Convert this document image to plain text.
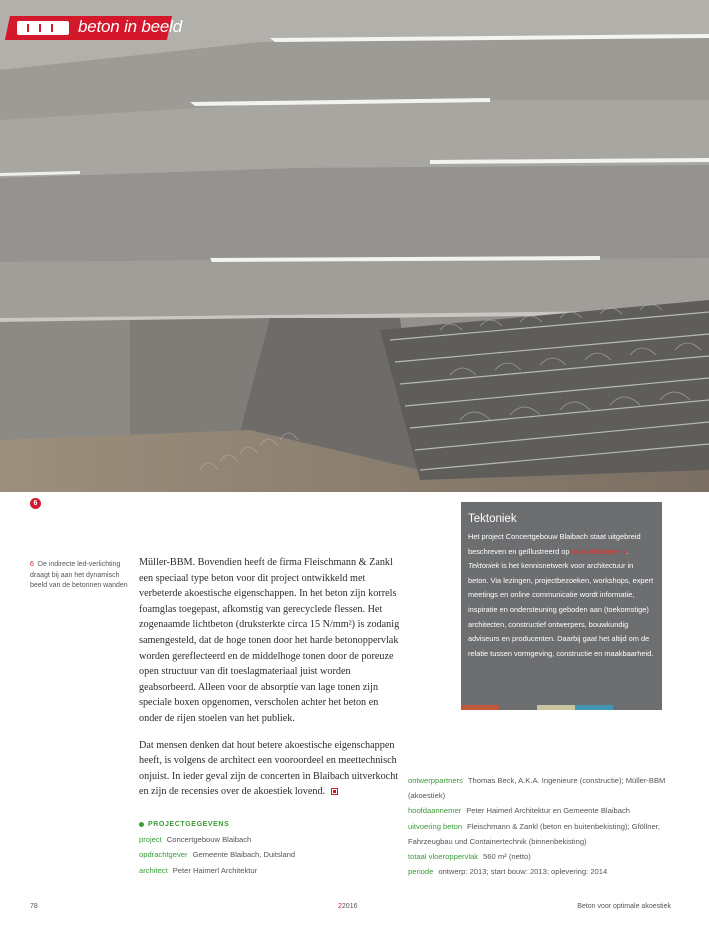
beton in beeld
6
6 De indirecte led-verlichting draagt bij aan het dynamisch beeld van de betonnen wanden

Müller-BBM. Bovendien heeft de firma Fleischmann & Zankl een speciaal type beton voor dit project ontwikkeld met verbeterde akoestische eigenschappen. In het beton zijn korrels foamglas toegepast, afkomstig van gerecyclede flessen. Het zogenaamde lichtbeton (druksterkte circa 15 N/mm²) is zodanig samengesteld, dat de hoge tonen door het harde betonoppervlak worden gereflecteerd en de middelhoge tonen door de poreuze open structuur van dit toeslagmateriaal juist worden geabsorbeerd. Alleen voor de absorptie van lage tonen zijn speciale boxen opgenomen, verscholen achter het beton en onder de rijen stoelen van het publiek.

Dat mensen denken dat hout betere akoestische eigenschappen heeft, is volgens de architect een vooroordeel en meettechnisch onjuist. In ieder geval zijn de concerten in Blaibach uitverkocht en zijn de recensies over de akoestiek lovend.

Tektoniek
Het project Concertgebouw Blaibach staat uitgebreid beschreven en geïllustreerd op www.tektoniek.nl. Tektoniek is het kennisnetwerk voor architectuur in beton. Via lezingen, projectbezoeken, workshops, expert meetings en online communicatie wordt informatie, inspiratie en ondersteuning geboden aan (toekomstige) architecten, constructief ontwerpers, bouwkundig adviseurs en producenten. Daarbij gaat het altijd om de relatie tussen vormgeving, constructie en maakbaarheid.
PROJECTGEGEVENS
project Concertgebouw Blaibach
opdrachtgever Gemeente Blaibach, Duitsland
architect Peter Haimerl Architektur
ontwerppartners Thomas Beck, A.K.A. Ingenieure (constructie); Müller-BBM (akoestiek)
hoofdaannemer Peter Haimerl Architektur en Gemeente Blaibach
uitvoering beton Fleischmann & Zankl (beton en buitenbekisting); Gföllner, Fahrzeugbau und Containertechnik (binnenbekisting)
totaal vloeroppervlak 560 m² (netto)
periode ontwerp: 2013; start bouw: 2013; oplevering: 2014
78	22016	Beton voor optimale akoestiek
